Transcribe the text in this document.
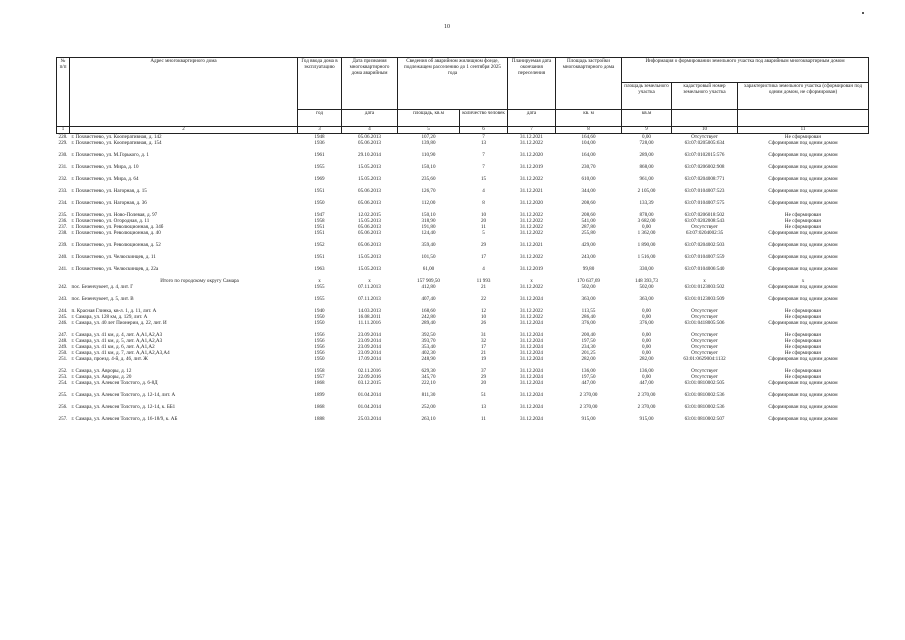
10
№ п/п	Адрес многоквартирного дома	Год ввода дома в эксплуатацию	Дата признания многоквартирного дома аварийным	Сведения об аварийном жилищном фонде, подлежащем расселению до 1 сентября 2025 года		Планируемая дата окончания переселения	Площадь застройки многоквартирного дома	Информация о формировании земельного участка под аварийным многоквартирным домом		
								площадь земельного участка	кадастровый номер земельного участка	характеристика земельного участка (сформирован под одним домом, не сформирован)
		год	дата	площадь, кв.м	количество человек	дата	кв. м	кв.м		
1	2	3	4	5	6	7	8	9	10	11
228.	г. Похвистнево, ул. Кооперативная, д. 142	1948	05.06.2013	107,20	7	31.12.2021	164,60	0,00	Отсутствует	Не сформирован
229.	г. Похвистнево, ул. Кооперативная, д. 154	1936	05.06.2013	139,80	13	31.12.2022	104,00	728,00	63:07:0205005:634	Сформирован под одним домом
230.	г. Похвистнево, ул. М.Горького, д. 1	1961	29.10.2014	110,90	7	31.12.2020	164,00	289,00	63:07:0102015:576	Сформирован под одним домом
231.	г. Похвистнево, ул. Мира, д. 10	1955	15.05.2013	150,10	7	31.12.2019	230,70	868,00	63:07:0206002:908	Сформирован под одним домом
232.	г. Похвистнево, ул. Мира, д. 64	1969	15.05.2013	235,60	15	31.12.2022	610,00	961,00	63:07:0204008:771	Сформирован под одним домом
233.	г. Похвистнево, ул. Нагорная, д. 15	1951	05.06.2013	126,70	4	31.12.2021	344,00	2 105,00	63:07:0104007:523	Сформирован под одним домом
234.	г. Похвистнево, ул. Нагорная, д. 36	1950	05.06.2013	112,00	8	31.12.2020	208,60	133,39	63:07:0104007:575	Сформирован под одним домом
235.	г. Похвистнево, ул. Ново-Полевая, д. 97	1947	12.02.2015	150,10	10	31.12.2022	208,60	878,00	63:07:0206018:502	Не сформирован
236.	г. Похвистнево, ул. Огородная, д. 11	1958	15.05.2013	318,90	20	31.12.2022	541,00	3 682,00	63:07:0202008:543	Не сформирован
237.	г. Похвистнево, ул. Революционная, д. 34б	1951	05.06.2013	191,80	11	31.12.2022	287,80	0,00	Отсутствует	Не сформирован
238.	г. Похвистнево, ул. Революционная, д. 40	1951	05.06.2013	124,40	5	31.12.2022	255,80	1 362,00	63:07:0204002:35	Сформирован под одним домом
239.	г. Похвистнево, ул. Революционная, д. 52	1952	05.06.2013	359,40	29	31.12.2021	429,00	1 890,00	63:07:0204002:503	Сформирован под одним домом
240.	г. Похвистнево, ул. Челюскинцев, д. 11	1951	15.05.2013	101,50	17	31.12.2022	243,00	1 516,00	63:07:0104007:559	Сформирован под одним домом
241.	г. Похвистнево, ул. Челюскинцев, д. 22а	1963	15.05.2013	61,00	4	31.12.2019	99,80	330,00	63:07:0104006:540	Сформирован под одним домом
	Итого по городскому округу Самара	x	x	157 909,50	11 993	x	170 637,69	148 393,73	x	x
242.	пос. Безенчукеет, д. 4, лит. Г	1955	07.11.2013	412,80	21	31.12.2022	502,00	502,00	63:01:0123003:502	Сформирован под одним домом
243.	пос. Безенчукеет, д. 5, лит. В	1955	07.11.2013	407,40	22	31.12.2024	363,00	363,00	63:01:0123003:509	Сформирован под одним домом
244.	п. Красная Глинка, кв-л. 1, д. 11, лит. А	1940	14.03.2013	168,60	12	31.12.2022	113,55	0,00	Отсутствует	Не сформирован
245.	г. Самара, ул. 128 км, д. 129, лит. А	1950	16.08.2011	242,80	10	31.12.2022	286,40	0,00	Отсутствует	Не сформирован
246.	г. Самара, ул. 40 лет Пионерии, д. 22, лит. И	1950	11.11.2016	289,40	26	31.12.2024	376,00	376,00	63:01:0418005:506	Сформирован под одним домом
247.	г. Самара, ул. 41 км, д. 4, лит. А,А1,А2,А3	1956	23.09.2014	392,50	31	31.12.2024	200,40	0,00	Отсутствует	Не сформирован
248.	г. Самара, ул. 41 км, д. 5, лит. А,А1,А2,А3	1956	23.09.2014	393,70	32	31.12.2024	197,50	0,00	Отсутствует	Не сформирован
249.	г. Самара, ул. 41 км, д. 6, лит. А,А1,А2	1956	23.09.2014	353,40	17	31.12.2024	234,30	0,00	Отсутствует	Не сформирован
250.	г. Самара, ул. 41 км, д. 7, лит. А,А1,А2,А3,А4	1956	23.09.2014	402,30	21	31.12.2024	201,25	0,00	Отсутствует	Не сформирован
251.	г. Самара, проезд. 4-й, д. 46, лит. Ж	1950	17.09.2014	248,90	19	31.12.2024	282,00	282,00	63:01:0629004:1132	Сформирован под одним домом
252.	г. Самара, ул. Авроры, д. 12	1958	02.11.2016	629,30	37	31.12.2024	136,00	136,00	Отсутствует	Не сформирован
253.	г. Самара, ул. Авроры, д. 20	1957	22.09.2016	345,70	29	31.12.2024	197,50	0,00	Отсутствует	Не сформирован
254.	г. Самара, ул. Алексея Толстого, д. 6-8Д	1868	03.12.2015	222,10	20	31.12.2024	447,00	447,00	63:01:0810002:505	Сформирован под одним домом
255.	г. Самара, ул. Алексея Толстого, д. 12-14, лит. А	1899	01.04.2014	811,30	51	31.12.2024	2 370,00	2 370,00	63:01:0810002:536	Сформирован под одним домом
256.	г. Самара, ул. Алексея Толстого, д. 12-14, к. ББ1	1868	01.04.2014	252,00	13	31.12.2024	2 370,00	2 370,00	63:01:0810002:536	Сформирован под одним домом
257.	г. Самара, ул. Алексея Толстого, д. 16-18/9, к. АБ	1888	25.03.2014	263,10	11	31.12.2024	915,00	915,00	63:01:0810002:507	Сформирован под одним домом
